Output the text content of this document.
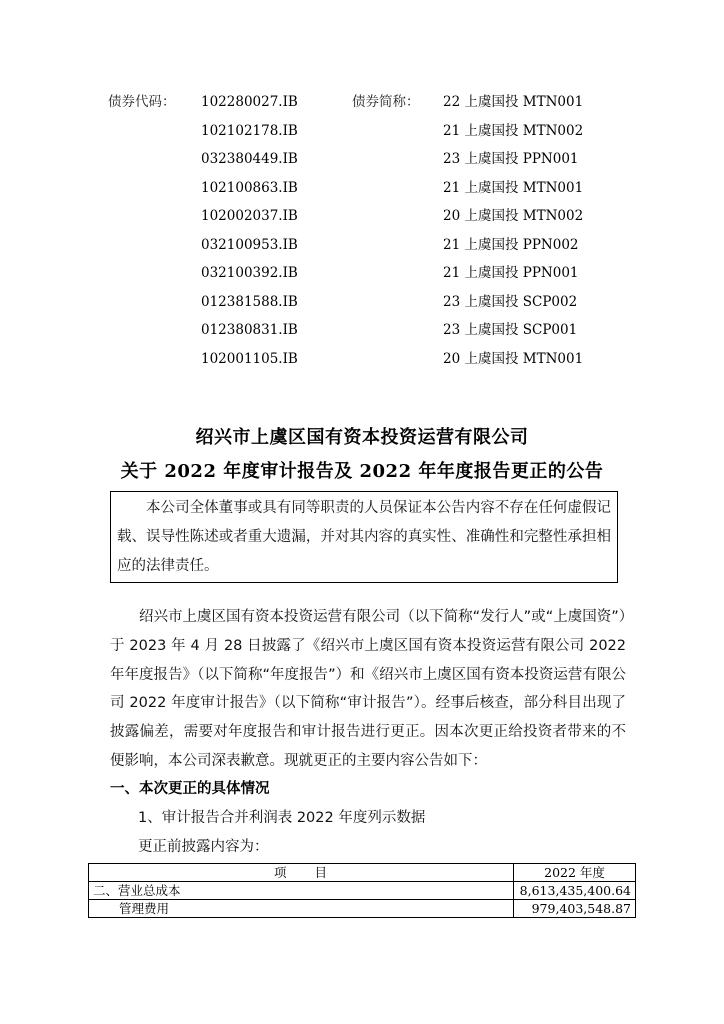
债券代码： 102280027.IB	债券简称： 22 上虞国投 MTN001
102102178.IB	21 上虞国投 MTN002
032380449.IB	23 上虞国投 PPN001
102100863.IB	21 上虞国投 MTN001
102002037.IB	20 上虞国投 MTN002
032100953.IB	21 上虞国投 PPN002
032100392.IB	21 上虞国投 PPN001
012381588.IB	23 上虞国投 SCP002
012380831.IB	23 上虞国投 SCP001
102001105.IB	20 上虞国投 MTN001
绍兴市上虞区国有资本投资运营有限公司
关于 2022 年度审计报告及 2022 年年度报告更正的公告
本公司全体董事或具有同等职责的人员保证本公告内容不存在任何虚假记载、误导性陈述或者重大遗漏，并对其内容的真实性、准确性和完整性承担相应的法律责任。
绍兴市上虞区国有资本投资运营有限公司（以下简称“发行人”或“上虞国资”）于 2023 年 4 月 28 日披露了《绍兴市上虞区国有资本投资运营有限公司 2022 年年度报告》（以下简称“年度报告”）和《绍兴市上虞区国有资本投资运营有限公司 2022 年度审计报告》（以下简称“审计报告”）。经事后核查，部分科目出现了披露偏差，需要对年度报告和审计报告进行更正。因本次更正给投资者带来的不便影响，本公司深表歉意。现就更正的主要内容公告如下：
一、本次更正的具体情况
1、审计报告合并利润表 2022 年度列示数据
更正前披露内容为：
项　　目	2022 年度
二、营业总成本	8,613,435,400.64
管理费用	979,403,548.87
